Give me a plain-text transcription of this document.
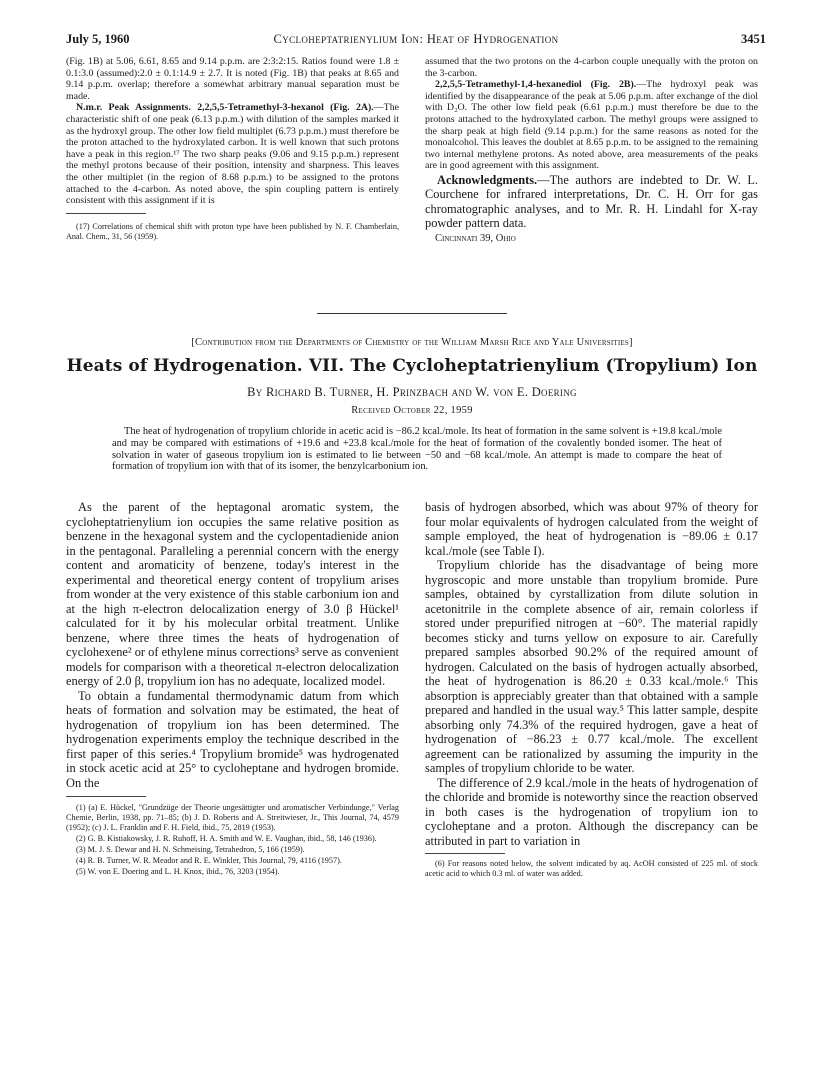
July 5, 1960	Cycloheptatrienylium Ion: Heat of Hydrogenation	3451

(Fig. 1B) at 5.06, 6.61, 8.65 and 9.14 p.p.m. are 2:3:2:15. Ratios found were 1.8 ± 0.1:3.0 (assumed):2.0 ± 0.1:14.9 ± 2.7. It is noted (Fig. 1B) that peaks at 8.65 and 9.14 p.p.m. overlap; therefore a somewhat arbitrary manual separation must be made.

N.m.r. Peak Assignments. 2,2,5,5-Tetramethyl-3-hexanol (Fig. 2A).—The characteristic shift of one peak (6.13 p.p.m.) with dilution of the samples marked it as the hydroxyl group. The other low field multiplet (6.73 p.p.m.) must therefore be the proton attached to the hydroxylated carbon. It is well known that such protons have a peak in this region.¹⁷ The two sharp peaks (9.06 and 9.15 p.p.m.) represent the methyl protons because of their position, intensity and sharpness. This leaves the other multiplet (in the region of 8.68 p.p.m.) to be assigned to the protons attached to the 4-carbon. As noted above, the spin coupling pattern is entirely consistent with this assignment if it is

(17) Correlations of chemical shift with proton type have been published by N. F. Chamberlain, Anal. Chem., 31, 56 (1959).

assumed that the two protons on the 4-carbon couple unequally with the proton on the 3-carbon.

2,2,5,5-Tetramethyl-1,4-hexanediol (Fig. 2B).—The hydroxyl peak was identified by the disappearance of the peak at 5.06 p.p.m. after exchange of the diol with D₂O. The other low field peak (6.61 p.p.m.) must therefore be due to the protons attached to the hydroxylated carbon. The methyl groups were assigned to the sharp peak at high field (9.14 p.p.m.) for the same reasons as noted for the monoalcohol. This leaves the doublet at 8.65 p.p.m. to be assigned to the remaining two internal methylene protons. As noted above, area measurements of the peaks are in good agreement with this assignment.

Acknowledgments.—The authors are indebted to Dr. W. L. Courchene for infrared interpretations, Dr. C. H. Orr for gas chromatographic analyses, and to Mr. R. H. Lindahl for X-ray powder pattern data.

Cincinnati 39, Ohio

[Contribution from the Departments of Chemistry of the William Marsh Rice and Yale Universities]
Heats of Hydrogenation. VII. The Cycloheptatrienylium (Tropylium) Ion
By Richard B. Turner, H. Prinzbach and W. von E. Doering
Received October 22, 1959
The heat of hydrogenation of tropylium chloride in acetic acid is −86.2 kcal./mole. Its heat of formation in the same solvent is +19.8 kcal./mole and may be compared with estimations of +19.6 and +23.8 kcal./mole for the heat of formation of the covalently bonded isomer. The heat of solvation in water of gaseous tropylium ion is estimated to lie between −50 and −68 kcal./mole. An attempt is made to compare the heat of formation of tropylium ion with that of its isomer, the benzylcarbonium ion.

As the parent of the heptagonal aromatic system, the cycloheptatrienylium ion occupies the same relative position as benzene in the hexagonal system and the cyclopentadienide anion in the pentagonal. Paralleling a perennial concern with the energy content and aromaticity of benzene, today's interest in the experimental and theoretical energy content of tropylium arises from wonder at the very existence of this stable carbonium ion and at the high π-electron delocalization energy of 3.0 β Hückel¹ calculated for it by his molecular orbital treatment. Unlike benzene, where three times the heats of hydrogenation of cyclohexene² or of ethylene minus corrections³ serve as convenient models for comparison with a theoretical π-electron delocalization energy of 2.0 β, tropylium ion has no adequate, localized model.

To obtain a fundamental thermodynamic datum from which heats of formation and solvation may be estimated, the heat of hydrogenation of tropylium ion has been determined. The hydrogenation experiments employ the technique described in the first paper of this series.⁴ Tropylium bromide⁵ was hydrogenated in stock acetic acid at 25° to cycloheptane and hydrogen bromide. On the

(1) (a) E. Hückel, "Grundzüge der Theorie ungesättigter und aromatischer Verbindunge," Verlag Chemie, Berlin, 1938, pp. 71–85; (b) J. D. Roberts and A. Streitwieser, Jr., This Journal, 74, 4579 (1952); (c) J. L. Franklin and F. H. Field, ibid., 75, 2819 (1953).

(2) G. B. Kistiakowsky, J. R. Ruhoff, H. A. Smith and W. E. Vaughan, ibid., 58, 146 (1936).

(3) M. J. S. Dewar and H. N. Schmeising, Tetrahedron, 5, 166 (1959).

(4) R. B. Turner, W. R. Meador and R. E. Winkler, This Journal, 79, 4116 (1957).

(5) W. von E. Doering and L. H. Knox, ibid., 76, 3203 (1954).

basis of hydrogen absorbed, which was about 97% of theory for four molar equivalents of hydrogen calculated from the weight of sample employed, the heat of hydrogenation is −89.06 ± 0.17 kcal./mole (see Table I).

Tropylium chloride has the disadvantage of being more hygroscopic and more unstable than tropylium bromide. Pure samples, obtained by cyrstallization from dilute solution in acetonitrile in the complete absence of air, remain colorless if stored under prepurified nitrogen at −60°. The material rapidly becomes sticky and turns yellow on exposure to air. Carefully prepared samples absorbed 90.2% of the required amount of hydrogen. Calculated on the basis of hydrogen actually absorbed, the heat of hydrogenation is 86.20 ± 0.33 kcal./mole.⁶ This absorption is appreciably greater than that obtained with a sample prepared and handled in the usual way.⁵ This latter sample, despite absorbing only 74.3% of the required hydrogen, gave a heat of hydrogenation of −86.23 ± 0.77 kcal./mole. The excellent agreement can be rationalized by assuming the impurity in the samples of tropylium chloride to be water.

The difference of 2.9 kcal./mole in the heats of hydrogenation of the chloride and bromide is noteworthy since the reaction observed in both cases is the hydrogenation of tropylium ion to cycloheptane and a proton. Although the discrepancy can be attributed in part to variation in

(6) For reasons noted below, the solvent indicated by aq. AcOH consisted of 225 ml. of stock acetic acid to which 0.3 ml. of water was added.
